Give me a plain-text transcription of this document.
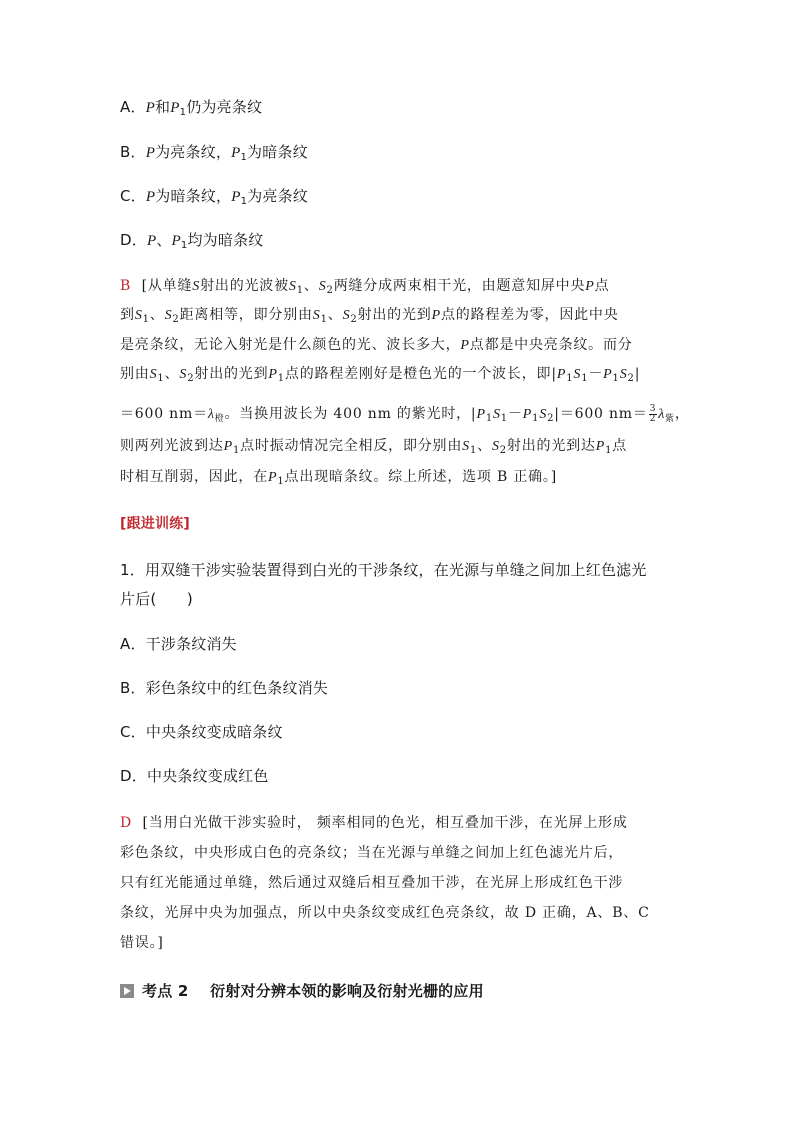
A．P和$P_1$仍为亮条纹
B．P为亮条纹，$P_1$为暗条纹
C．P为暗条纹，$P_1$为亮条纹
D．P、$P_1$均为暗条纹
B [从单缝S射出的光波被$S_1$、$S_2$两缝分成两束相干光，由题意知屏中央P点
到$S_1$、$S_2$距离相等，即分别由$S_1$、$S_2$射出的光到P点的路程差为零，因此中央
是亮条纹，无论入射光是什么颜色的光、波长多大，P点都是中央亮条纹。而分
别由$S_1$、$S_2$射出的光到$P_1$点的路程差刚好是橙色光的一个波长，即$|P_1S_1-P_1S_2|$
＝600 $nm=\lambda_橙$。当换用波长为 400 nm 的紫光时，$|P_1S_1-P_1S_2|=600$ $nm= \frac{3}{2} \lambda_紫$，
则两列光波到达$P_1$点时振动情况完全相反，即分别由$S_1$、$S_2$射出的光到达$P_1$点
时相互削弱，因此，在$P_1$点出现暗条纹。综上所述，选项 B 正确。]
[跟进训练]
1．用双缝干涉实验装置得到白光的干涉条纹，在光源与单缝之间加上红色滤光
片后(　　)
A．干涉条纹消失
B．彩色条纹中的红色条纹消失
C．中央条纹变成暗条纹
D．中央条纹变成红色
D [当用白光做干涉实验时， 频率相同的色光，相互叠加干涉，在光屏上形成
彩色条纹，中央形成白色的亮条纹；当在光源与单缝之间加上红色滤光片后，
只有红光能通过单缝，然后通过双缝后相互叠加干涉，在光屏上形成红色干涉
条纹，光屏中央为加强点，所以中央条纹变成红色亮条纹，故 D 正确，A、B、C
错误。]
考点 2 衍射对分辨本领的影响及衍射光栅的应用
